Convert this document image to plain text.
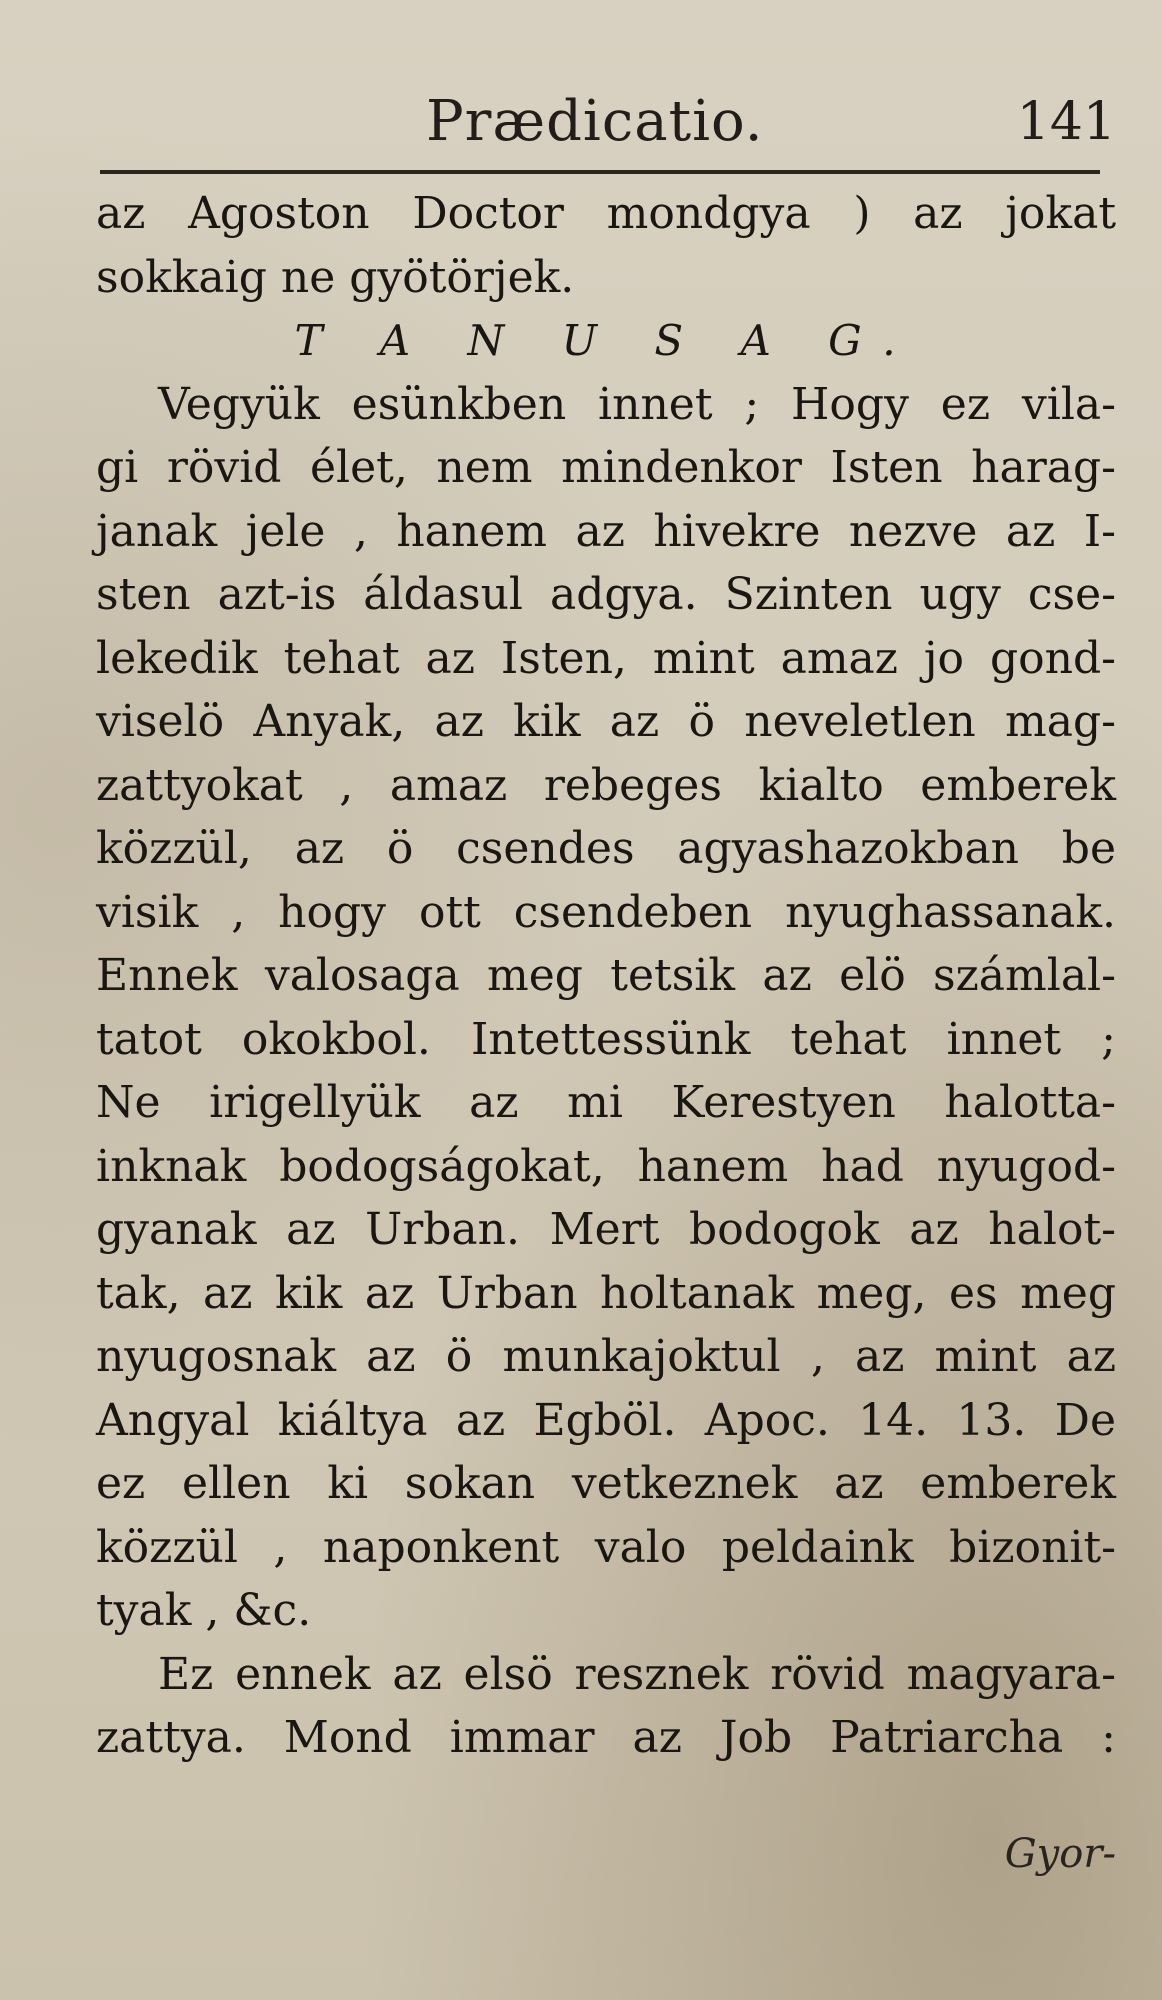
Prædicatio.	141
az Agoston Doctor mondgya ) az jokat
sokkaig ne gyötörjek.
T A N U S A G.
Vegyük esünkben innet ; Hogy ez vila-
gi rövid élet, nem mindenkor Isten harag-
janak jele , hanem az hivekre nezve az I-
sten azt-is áldasul adgya. Szinten ugy cse-
lekedik tehat az Isten, mint amaz jo gond-
viselö Anyak, az kik az ö neveletlen mag-
zattyokat , amaz rebeges kialto emberek
közzül, az ö csendes agyashazokban be
visik , hogy ott csendeben nyughassanak.
Ennek valosaga meg tetsik az elö számlal-
tatot okokbol. Intettessünk tehat innet ;
Ne irigellyük az mi Kerestyen halotta-
inknak bodogságokat, hanem had nyugod-
gyanak az Urban. Mert bodogok az halot-
tak, az kik az Urban holtanak meg, es meg
nyugosnak az ö munkajoktul , az mint az
Angyal kiáltya az Egböl. Apoc. 14. 13. De
ez ellen ki sokan vetkeznek az emberek
közzül , naponkent valo peldaink bizonit-
tyak , &c.
Ez ennek az elsö resznek rövid magyara-
zattya. Mond immar az Job Patriarcha :
Gyor-
